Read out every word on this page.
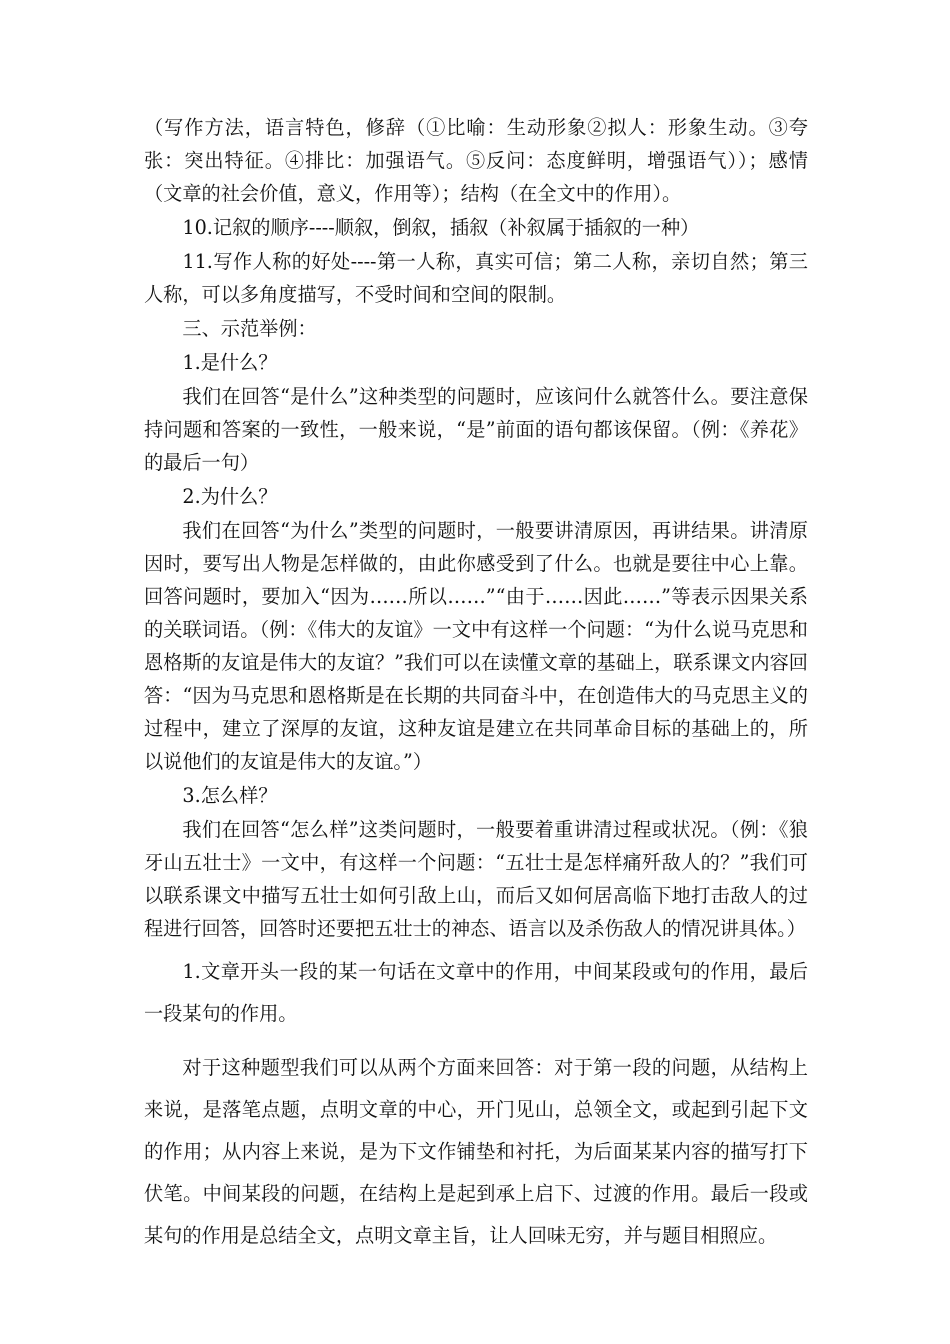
（写作方法，语言特色，修辞（①比喻：生动形象②拟人：形象生动。③夸张：突出特征。④排比：加强语气。⑤反问：态度鲜明，增强语气））；感情（文章的社会价值，意义，作用等）；结构（在全文中的作用）。

10.记叙的顺序----顺叙，倒叙，插叙（补叙属于插叙的一种）

11.写作人称的好处----第一人称，真实可信；第二人称，亲切自然；第三人称，可以多角度描写，不受时间和空间的限制。

三、示范举例：

1.是什么？

我们在回答“是什么”这种类型的问题时，应该问什么就答什么。要注意保持问题和答案的一致性，一般来说，“是”前面的语句都该保留。（例：《养花》的最后一句）

2.为什么？

我们在回答“为什么”类型的问题时，一般要讲清原因，再讲结果。讲清原因时，要写出人物是怎样做的，由此你感受到了什么。也就是要往中心上靠。回答问题时，要加入“因为……所以……”“由于……因此……”等表示因果关系的关联词语。（例：《伟大的友谊》一文中有这样一个问题：“为什么说马克思和恩格斯的友谊是伟大的友谊？”我们可以在读懂文章的基础上，联系课文内容回答：“因为马克思和恩格斯是在长期的共同奋斗中，在创造伟大的马克思主义的过程中，建立了深厚的友谊，这种友谊是建立在共同革命目标的基础上的，所以说他们的友谊是伟大的友谊。”）

3.怎么样？

我们在回答“怎么样”这类问题时，一般要着重讲清过程或状况。（例：《狼牙山五壮士》一文中，有这样一个问题：“五壮士是怎样痛歼敌人的？”我们可以联系课文中描写五壮士如何引敌上山，而后又如何居高临下地打击敌人的过程进行回答，回答时还要把五壮士的神态、语言以及杀伤敌人的情况讲具体。）

1.文章开头一段的某一句话在文章中的作用，中间某段或句的作用，最后一段某句的作用。

对于这种题型我们可以从两个方面来回答：对于第一段的问题，从结构上来说，是落笔点题，点明文章的中心，开门见山，总领全文，或起到引起下文的作用；从内容上来说，是为下文作铺垫和衬托，为后面某某内容的描写打下伏笔。中间某段的问题，在结构上是起到承上启下、过渡的作用。最后一段或某句的作用是总结全文，点明文章主旨，让人回味无穷，并与题目相照应。
